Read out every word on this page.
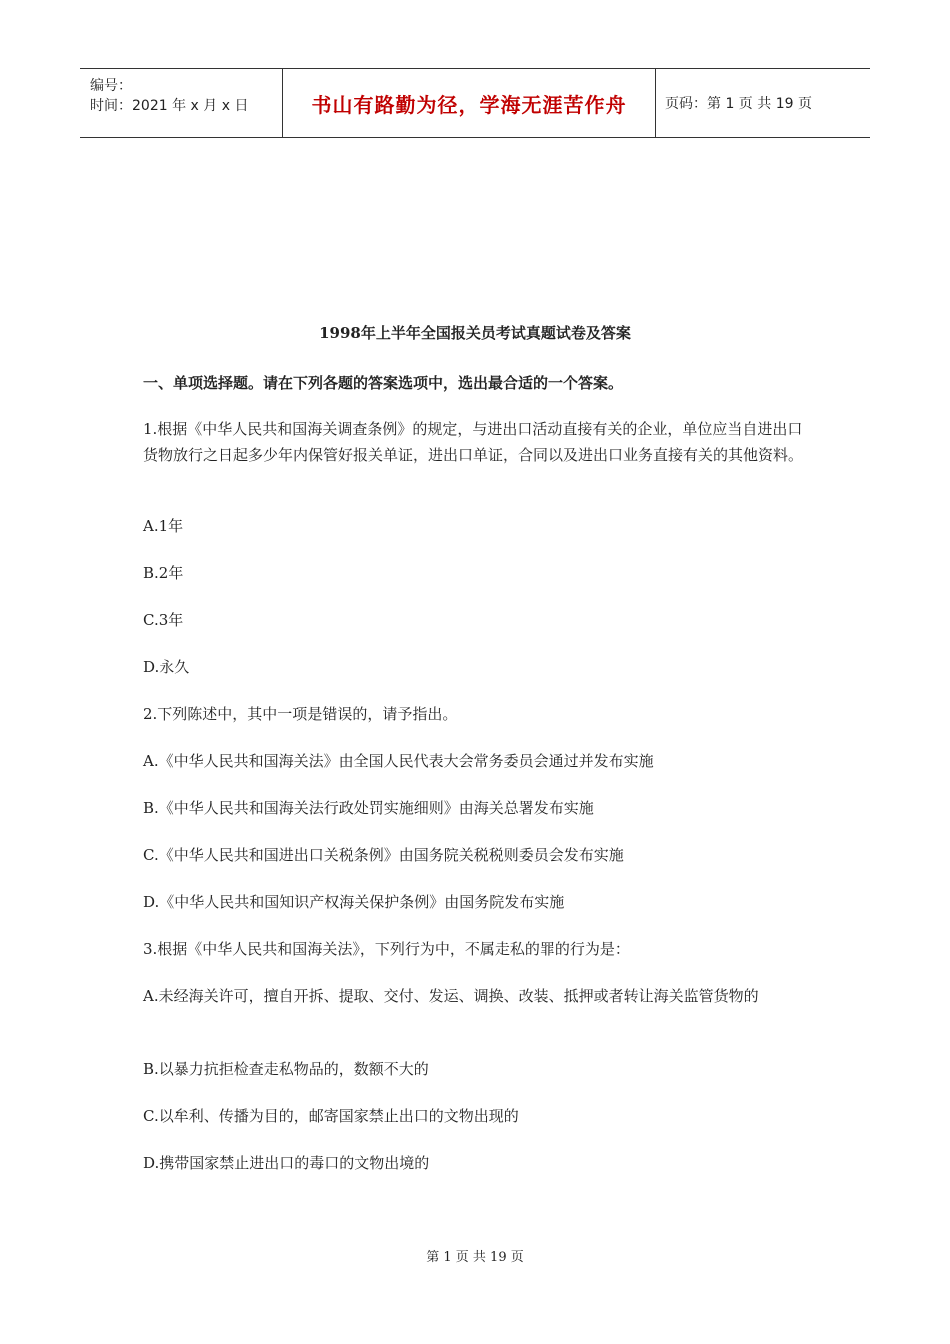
编号：
时间：2021 年 x 月 x 日	书山有路勤为径，学海无涯苦作舟	页码：第 1 页 共 19 页
1998年上半年全国报关员考试真题试卷及答案
一、单项选择题。请在下列各题的答案选项中，选出最合适的一个答案。
1.根据《中华人民共和国海关调查条例》的规定，与进出口活动直接有关的企业，单位应当自进出口货物放行之日起多少年内保管好报关单证，进出口单证，合同以及进出口业务直接有关的其他资料。
A.1年
B.2年
C.3年
D.永久
2.下列陈述中，其中一项是错误的，请予指出。
A.《中华人民共和国海关法》由全国人民代表大会常务委员会通过并发布实施
B.《中华人民共和国海关法行政处罚实施细则》由海关总署发布实施
C.《中华人民共和国进出口关税条例》由国务院关税税则委员会发布实施
D.《中华人民共和国知识产权海关保护条例》由国务院发布实施
3.根据《中华人民共和国海关法》，下列行为中，不属走私的罪的行为是：
A.未经海关许可，擅自开拆、提取、交付、发运、调换、改装、抵押或者转让海关监管货物的
B.以暴力抗拒检查走私物品的，数额不大的
C.以牟利、传播为目的，邮寄国家禁止出口的文物出现的
D.携带国家禁止进出口的毒口的文物出境的
第 1 页 共 19 页
